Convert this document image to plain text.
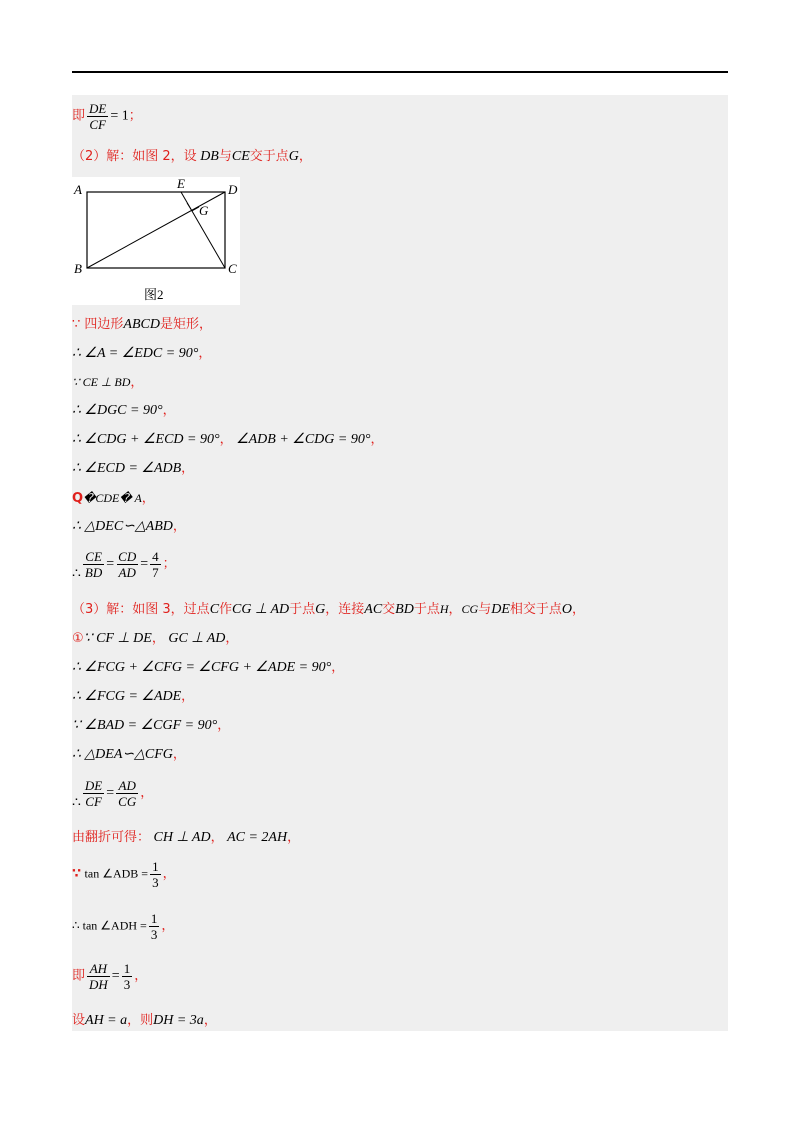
即 $\frac{DE}{CF} = 1$；
（2）解：如图 2，设 DB与CE交于点G，
A
B	C
D
E
G
图2
∵ 四边形ABCD是矩形，
∴ ∠A = ∠EDC = 90°，
∵ CE ⊥ BD，
∴ ∠DGC = 90°，
∴ ∠CDG + ∠ECD = 90°， ∠ADB + ∠CDG = 90°，
∴ ∠ECD = ∠ADB，
Q�CDE� A，
∴ △DEC∽△ABD，
∴ $\frac{CE}{BD} = \frac{CD}{AD} = \frac{4}{7}$ ；
（3）解：如图 3，过点C作CG ⊥ AD于点G，连接AC交BD于点H，CG与DE相交于点O，
①∵ CF ⊥ DE， GC ⊥ AD，
∴ ∠FCG + ∠CFG = ∠CFG + ∠ADE = 90°，
∴ ∠FCG = ∠ADE，
∵ ∠BAD = ∠CGF = 90°，
∴ △DEA∽△CFG，
∴ $\frac{DE}{CF} = \frac{AD}{CG}$ ，
由翻折可得： CH ⊥ AD， AC = 2AH，
∵ tan ∠ADB = $\frac{1}{3}$ ，
∴ tan ∠ADH = $\frac{1}{3}$ ，
即 $\frac{AH}{DH} = \frac{1}{3}$ ，
设AH = a，则DH = 3a，
